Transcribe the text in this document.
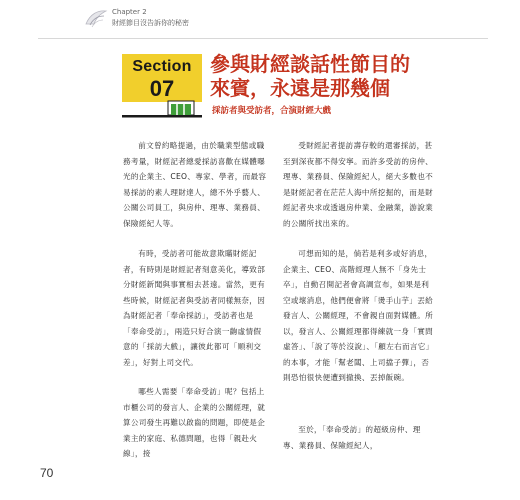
Chapter 2
財經節目沒告訴你的秘密
Section
07
參與財經談話性節目的
來賓，永遠是那幾個
採訪者與受訪者，合演財經大戲
前文曾約略提過，由於職業型態或職務考量，財經記者總愛採訪喜歡在媒體曝光的企業主、CEO、專家、學者，而最容易採訪的素人理財達人，總不外乎藝人、公關公司員工，與房仲、理專、業務員、保險經紀人等。
有時，受訪者可能故意欺瞞財經記者，有時則是財經記者刻意美化，導致部分財經新聞與事實相去甚遠。當然，更有些時候，財經記者與受訪者同樣無奈，因為財經記者「奉命採訪」，受訪者也是「奉命受訪」，兩造只好合演一齣虛情假意的「採訪大戲」，讓彼此都可「順利交差」，好對上司交代。
哪些人需要「奉命受訪」呢？包括上市櫃公司的發言人、企業的公關經理，就算公司發生再難以啟齒的問題，即使是企業主的家庭、私德問題，也得「親赴火線」，接
受財經記者提訪壽存較的還審採訪，甚至到深夜都不得安寧。而許多受訪的房仲、理專、業務員、保險經紀人，絕大多數也不是財經記者在茫茫人海中所挖掘的，而是財經記者央求或透過房仲業、金融業，游說業的公關所找出來的。
可想而知的是，倘若是利多或好消息，企業主、CEO、高階經理人無不「身先士卒」，自動召開記者會高調宣布，如果是利空或壞消息，他們便會將「燙手山芋」丟給發言人、公關經理，不會親自面對媒體。所以，發言人、公關經理都得練就一身「實問虛答」、「說了等於沒說」、「顧左右而言它」的本事，才能「幫老闆、上司擋子彈」，否則恐怕很快便遭到撤換、丟掉飯碗。
至於，「奉命受訪」的超級房仲、理專、業務員、保險經紀人，
70
